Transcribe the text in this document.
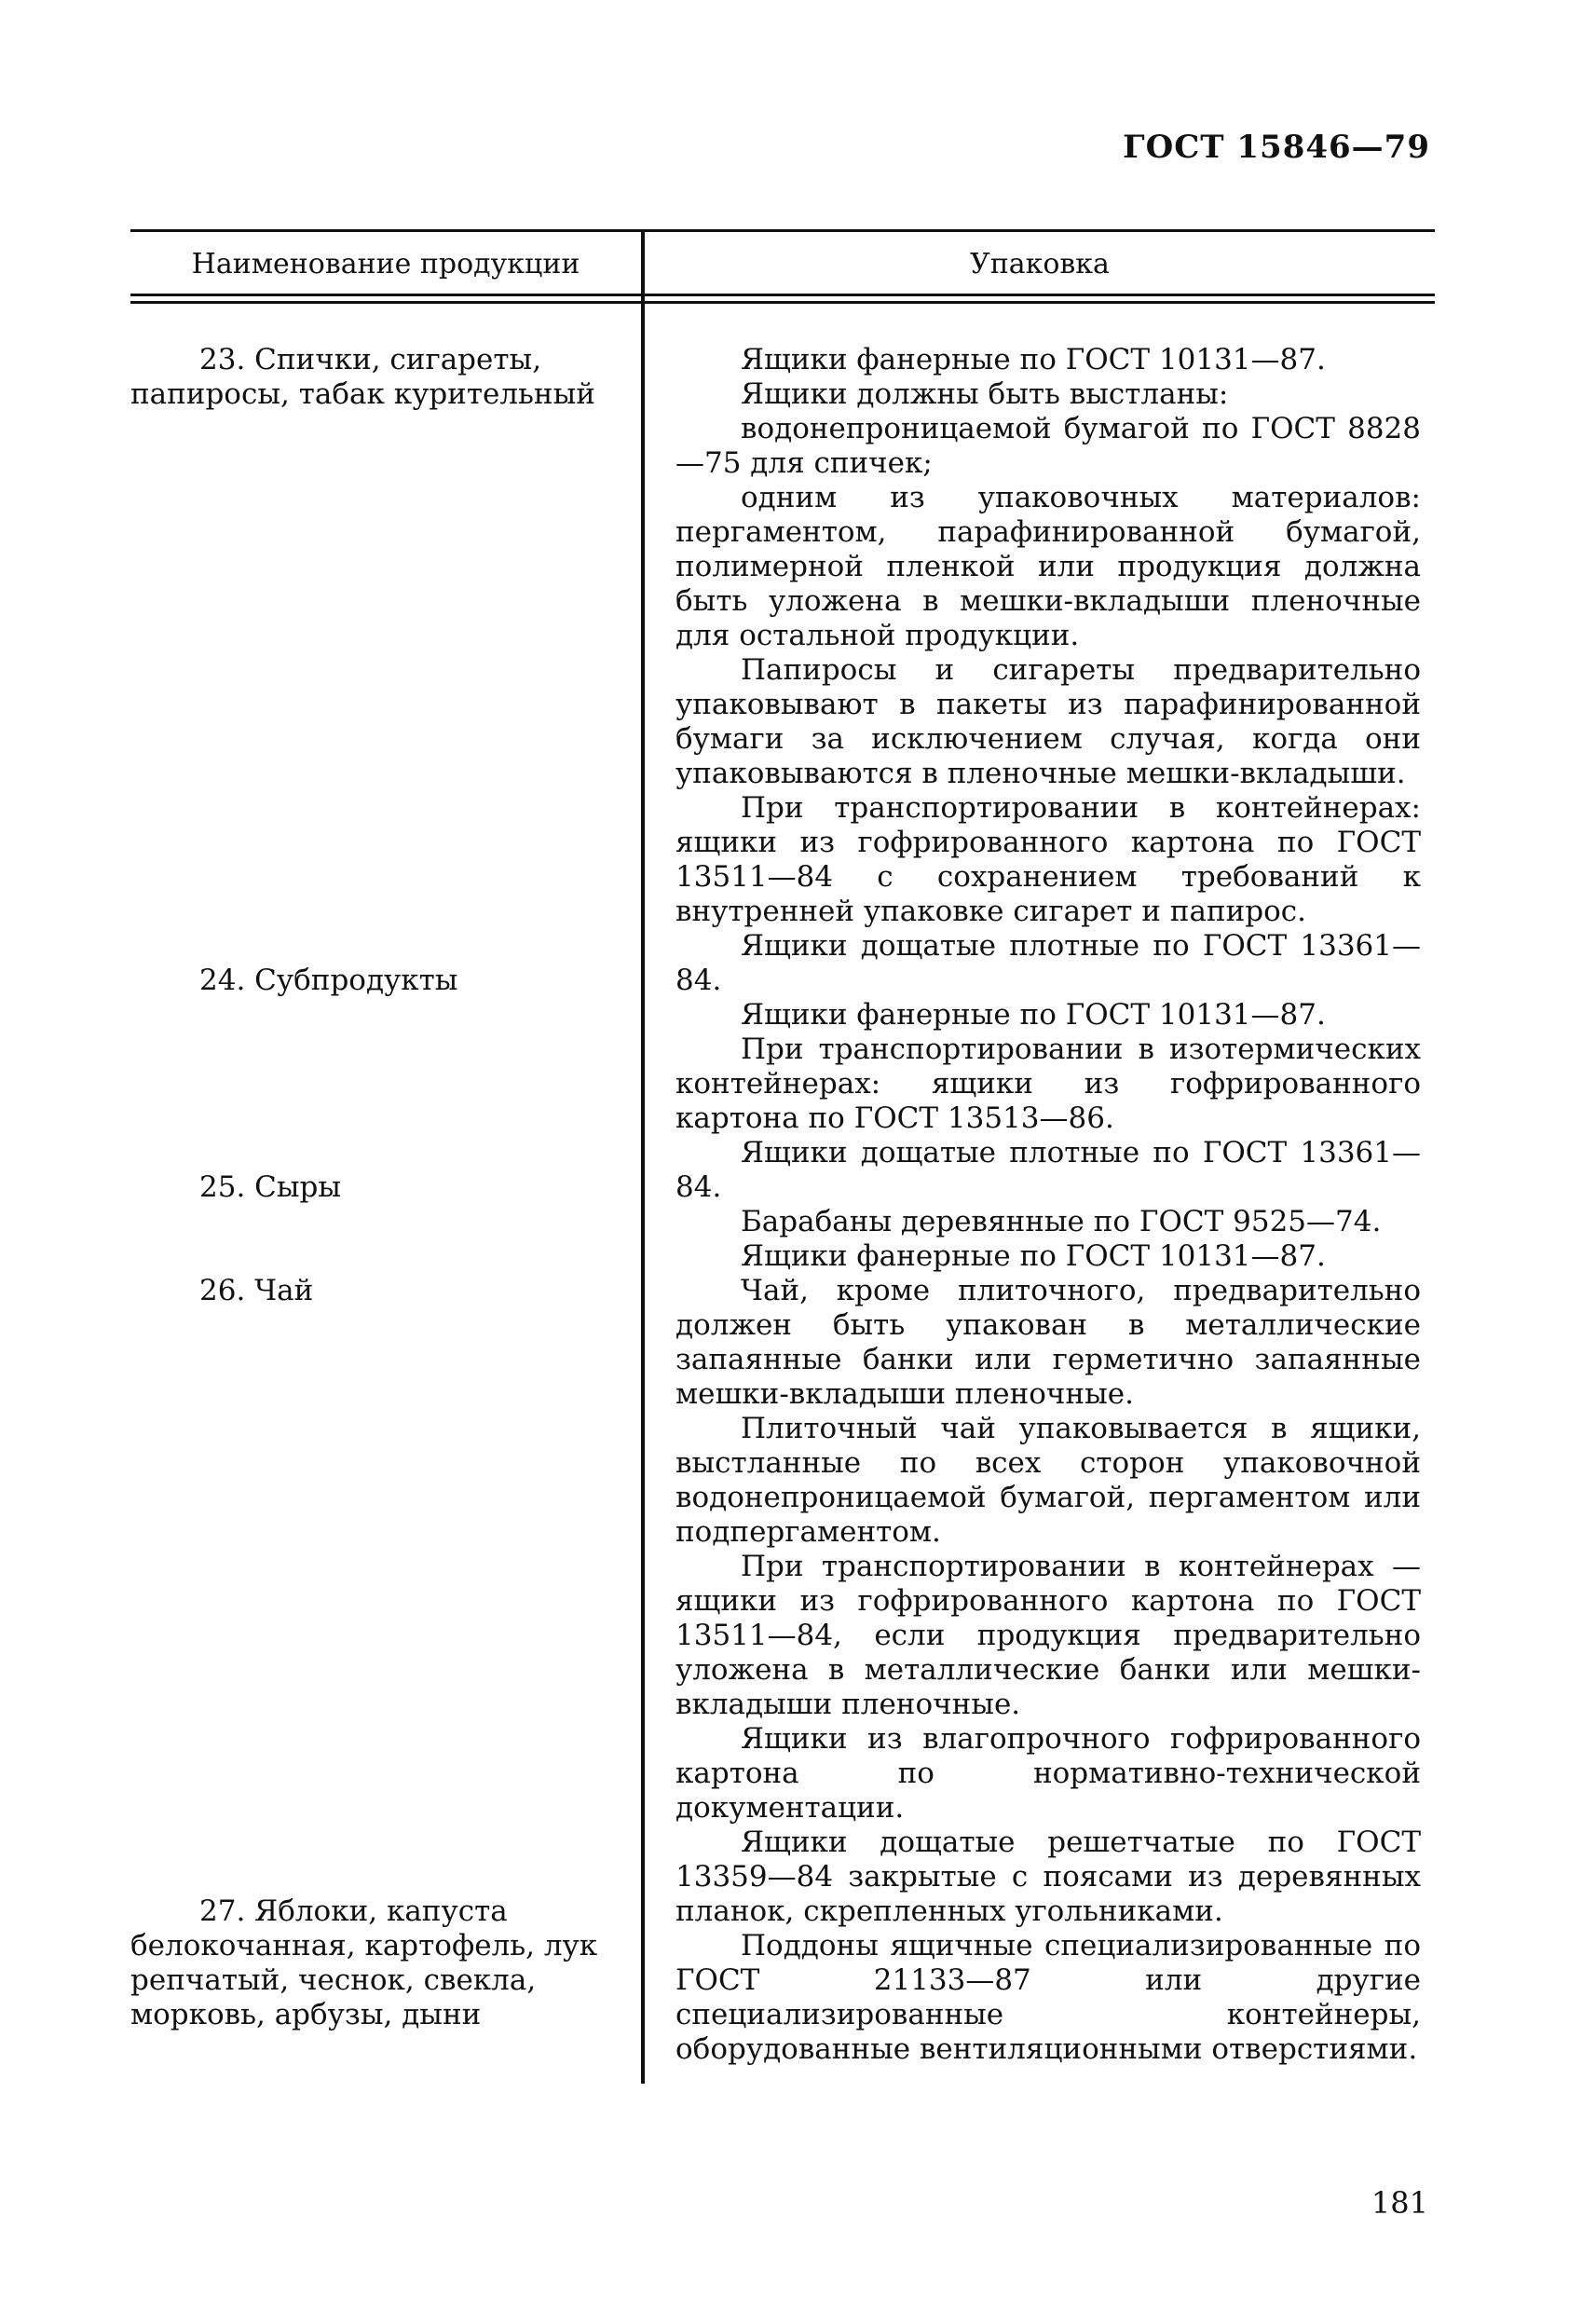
ГОСТ 15846—79
Наименование продукции	Упаковка
23. Спички, сигареты, папиросы, табак курительный
24. Субпродукты
25. Сыры
26. Чай
27. Яблоки, капуста белокочанная, картофель, лук репчатый, чеснок, свекла, морковь, арбузы, дыни

Ящики фанерные по ГОСТ 10131—87.

Ящики должны быть выстланы:

водонепроницаемой бумагой по ГОСТ 8828—75 для спичек;

одним из упаковочных материалов: пергаментом, парафинированной бумагой, полимерной пленкой или продукция должна быть уложена в мешки-вкладыши пленочные для остальной продукции.

Папиросы и сигареты предварительно упаковывают в пакеты из парафинированной бумаги за исключением случая, когда они упаковываются в пленочные мешки-вкладыши.

При транспортировании в контейнерах: ящики из гофрированного картона по ГОСТ 13511—84 с сохранением требований к внутренней упаковке сигарет и папирос.

Ящики дощатые плотные по ГОСТ 13361—84.

Ящики фанерные по ГОСТ 10131—87.

При транспортировании в изотермических контейнерах: ящики из гофрированного картона по ГОСТ 13513—86.

Ящики дощатые плотные по ГОСТ 13361—84.

Барабаны деревянные по ГОСТ 9525—74.

Ящики фанерные по ГОСТ 10131—87.

Чай, кроме плиточного, предварительно должен быть упакован в металлические запаянные банки или герметично запаянные мешки-вкладыши пленочные.

Плиточный чай упаковывается в ящики, выстланные по всех сторон упаковочной водонепроницаемой бумагой, пергаментом или подпергаментом.

При транспортировании в контейнерах — ящики из гофрированного картона по ГОСТ 13511—84, если продукция предварительно уложена в металлические банки или мешки-вкладыши пленочные.

Ящики из влагопрочного гофрированного картона по нормативно-технической документации.

Ящики дощатые решетчатые по ГОСТ 13359—84 закрытые с поясами из деревянных планок, скрепленных угольниками.

Поддоны ящичные специализированные по ГОСТ 21133—87 или другие специализированные контейнеры, оборудованные вентиляционными отверстиями.

181
